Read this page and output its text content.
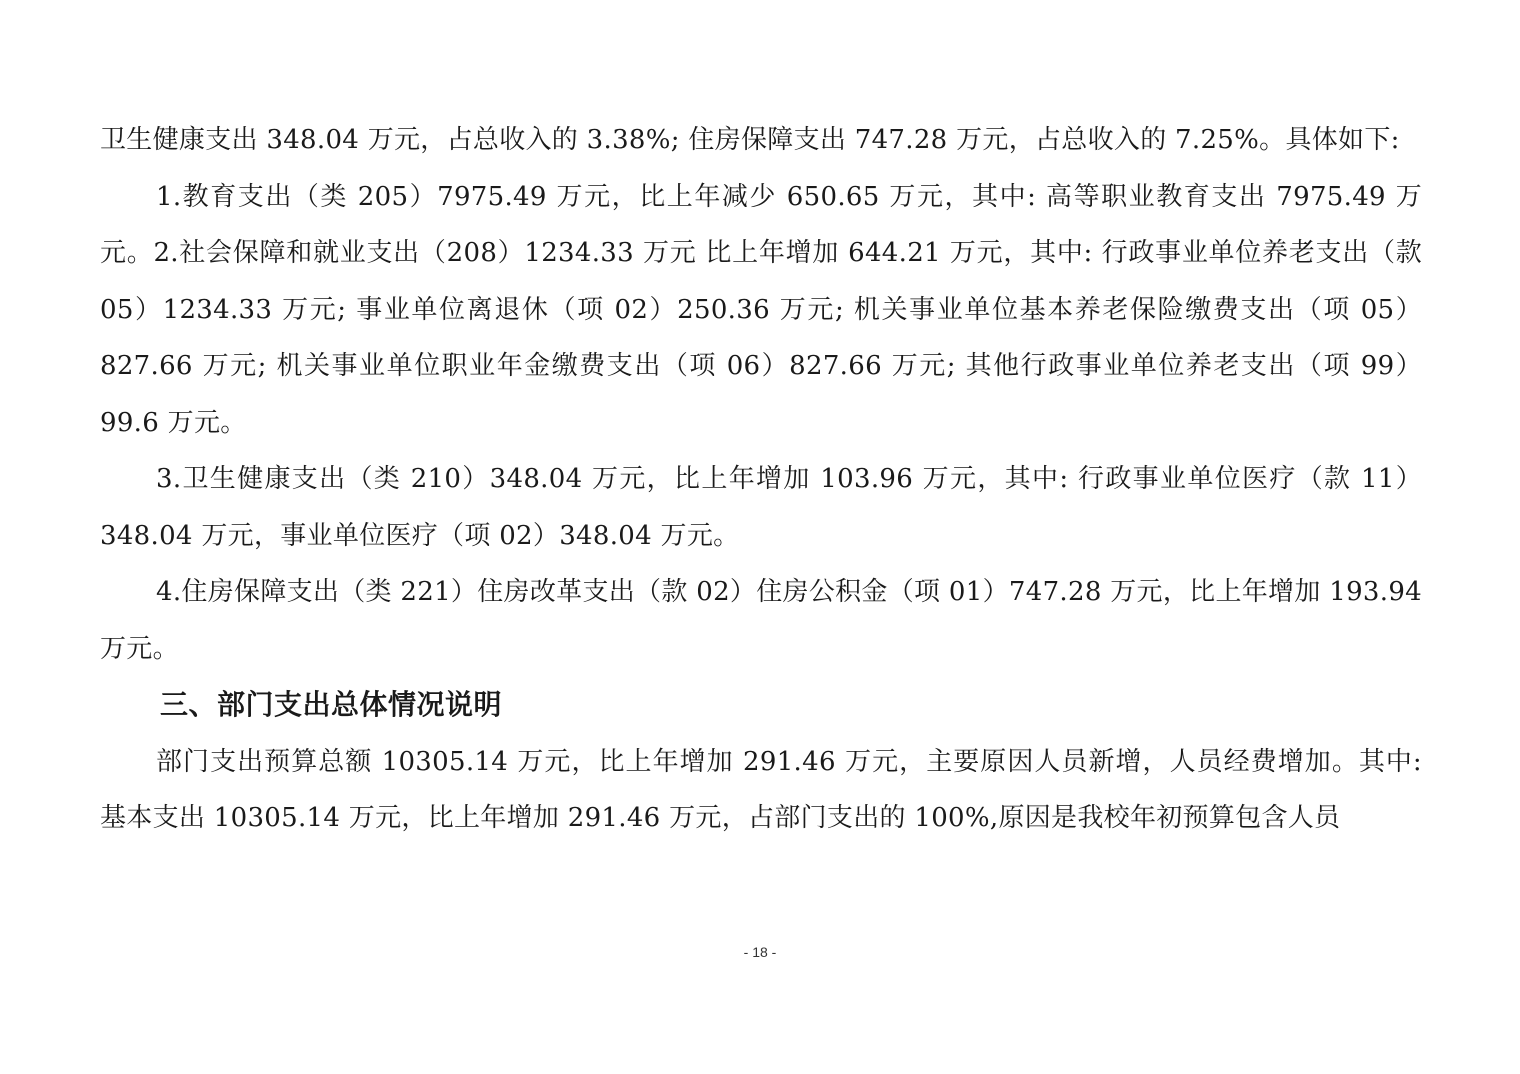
卫生健康支出 348.04 万元，占总收入的 3.38%; 住房保障支出 747.28 万元，占总收入的 7.25%。具体如下:

1.教育支出（类 205）7975.49 万元，比上年减少 650.65 万元，其中: 高等职业教育支出 7975.49 万元。2.社会保障和就业支出（208）1234.33 万元 比上年增加 644.21 万元，其中: 行政事业单位养老支出（款 05）1234.33 万元; 事业单位离退休（项 02）250.36 万元; 机关事业单位基本养老保险缴费支出（项 05）827.66 万元; 机关事业单位职业年金缴费支出（项 06）827.66 万元; 其他行政事业单位养老支出（项 99）99.6 万元。

3.卫生健康支出（类 210）348.04 万元，比上年增加 103.96 万元，其中: 行政事业单位医疗（款 11）348.04 万元，事业单位医疗（项 02）348.04 万元。

4.住房保障支出（类 221）住房改革支出（款 02）住房公积金（项 01）747.28 万元，比上年增加 193.94 万元。

三、部门支出总体情况说明

部门支出预算总额 10305.14 万元，比上年增加 291.46 万元，主要原因人员新增，人员经费增加。其中: 基本支出 10305.14 万元，比上年增加 291.46 万元，占部门支出的 100%,原因是我校年初预算包含人员

- 18 -
